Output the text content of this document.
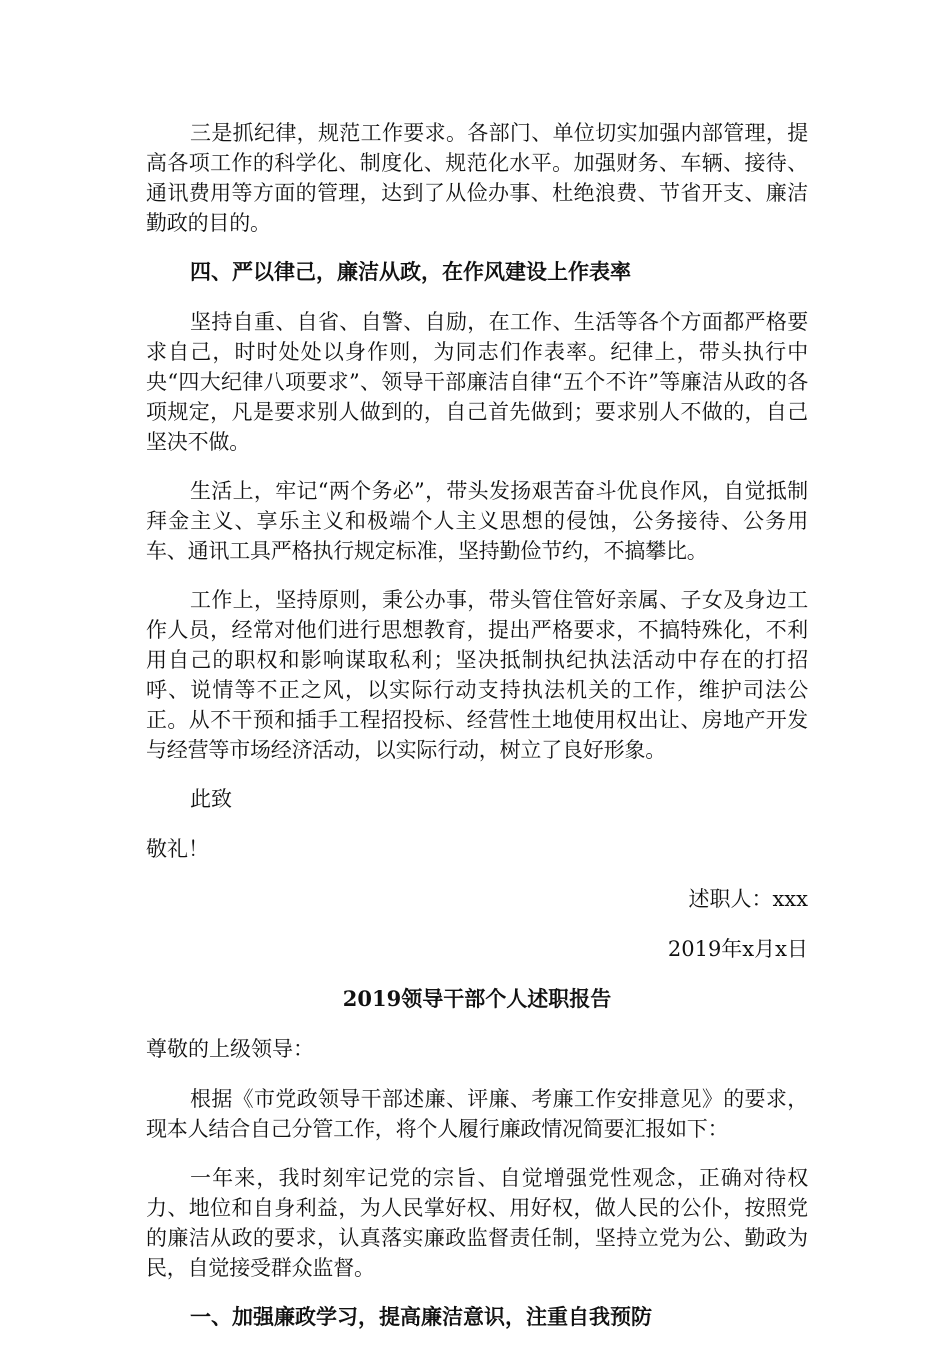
三是抓纪律，规范工作要求。各部门、单位切实加强内部管理，提高各项工作的科学化、制度化、规范化水平。加强财务、车辆、接待、通讯费用等方面的管理，达到了从俭办事、杜绝浪费、节省开支、廉洁勤政的目的。

四、严以律己，廉洁从政，在作风建设上作表率

坚持自重、自省、自警、自励，在工作、生活等各个方面都严格要求自己，时时处处以身作则，为同志们作表率。纪律上，带头执行中央“四大纪律八项要求”、领导干部廉洁自律“五个不许”等廉洁从政的各项规定，凡是要求别人做到的，自己首先做到；要求别人不做的，自己坚决不做。

生活上，牢记“两个务必”，带头发扬艰苦奋斗优良作风，自觉抵制拜金主义、享乐主义和极端个人主义思想的侵蚀，公务接待、公务用车、通讯工具严格执行规定标准，坚持勤俭节约，不搞攀比。

工作上，坚持原则，秉公办事，带头管住管好亲属、子女及身边工作人员，经常对他们进行思想教育，提出严格要求，不搞特殊化，不利用自己的职权和影响谋取私利；坚决抵制执纪执法活动中存在的打招呼、说情等不正之风，以实际行动支持执法机关的工作，维护司法公正。从不干预和插手工程招投标、经营性土地使用权出让、房地产开发与经营等市场经济活动，以实际行动，树立了良好形象。

此致

敬礼！

述职人：xxx

2019年x月x日

2019领导干部个人述职报告

尊敬的上级领导：

根据《市党政领导干部述廉、评廉、考廉工作安排意见》的要求，现本人结合自己分管工作，将个人履行廉政情况简要汇报如下：

一年来，我时刻牢记党的宗旨、自觉增强党性观念，正确对待权力、地位和自身利益，为人民掌好权、用好权，做人民的公仆，按照党的廉洁从政的要求，认真落实廉政监督责任制，坚持立党为公、勤政为民，自觉接受群众监督。

一、加强廉政学习，提高廉洁意识，注重自我预防
